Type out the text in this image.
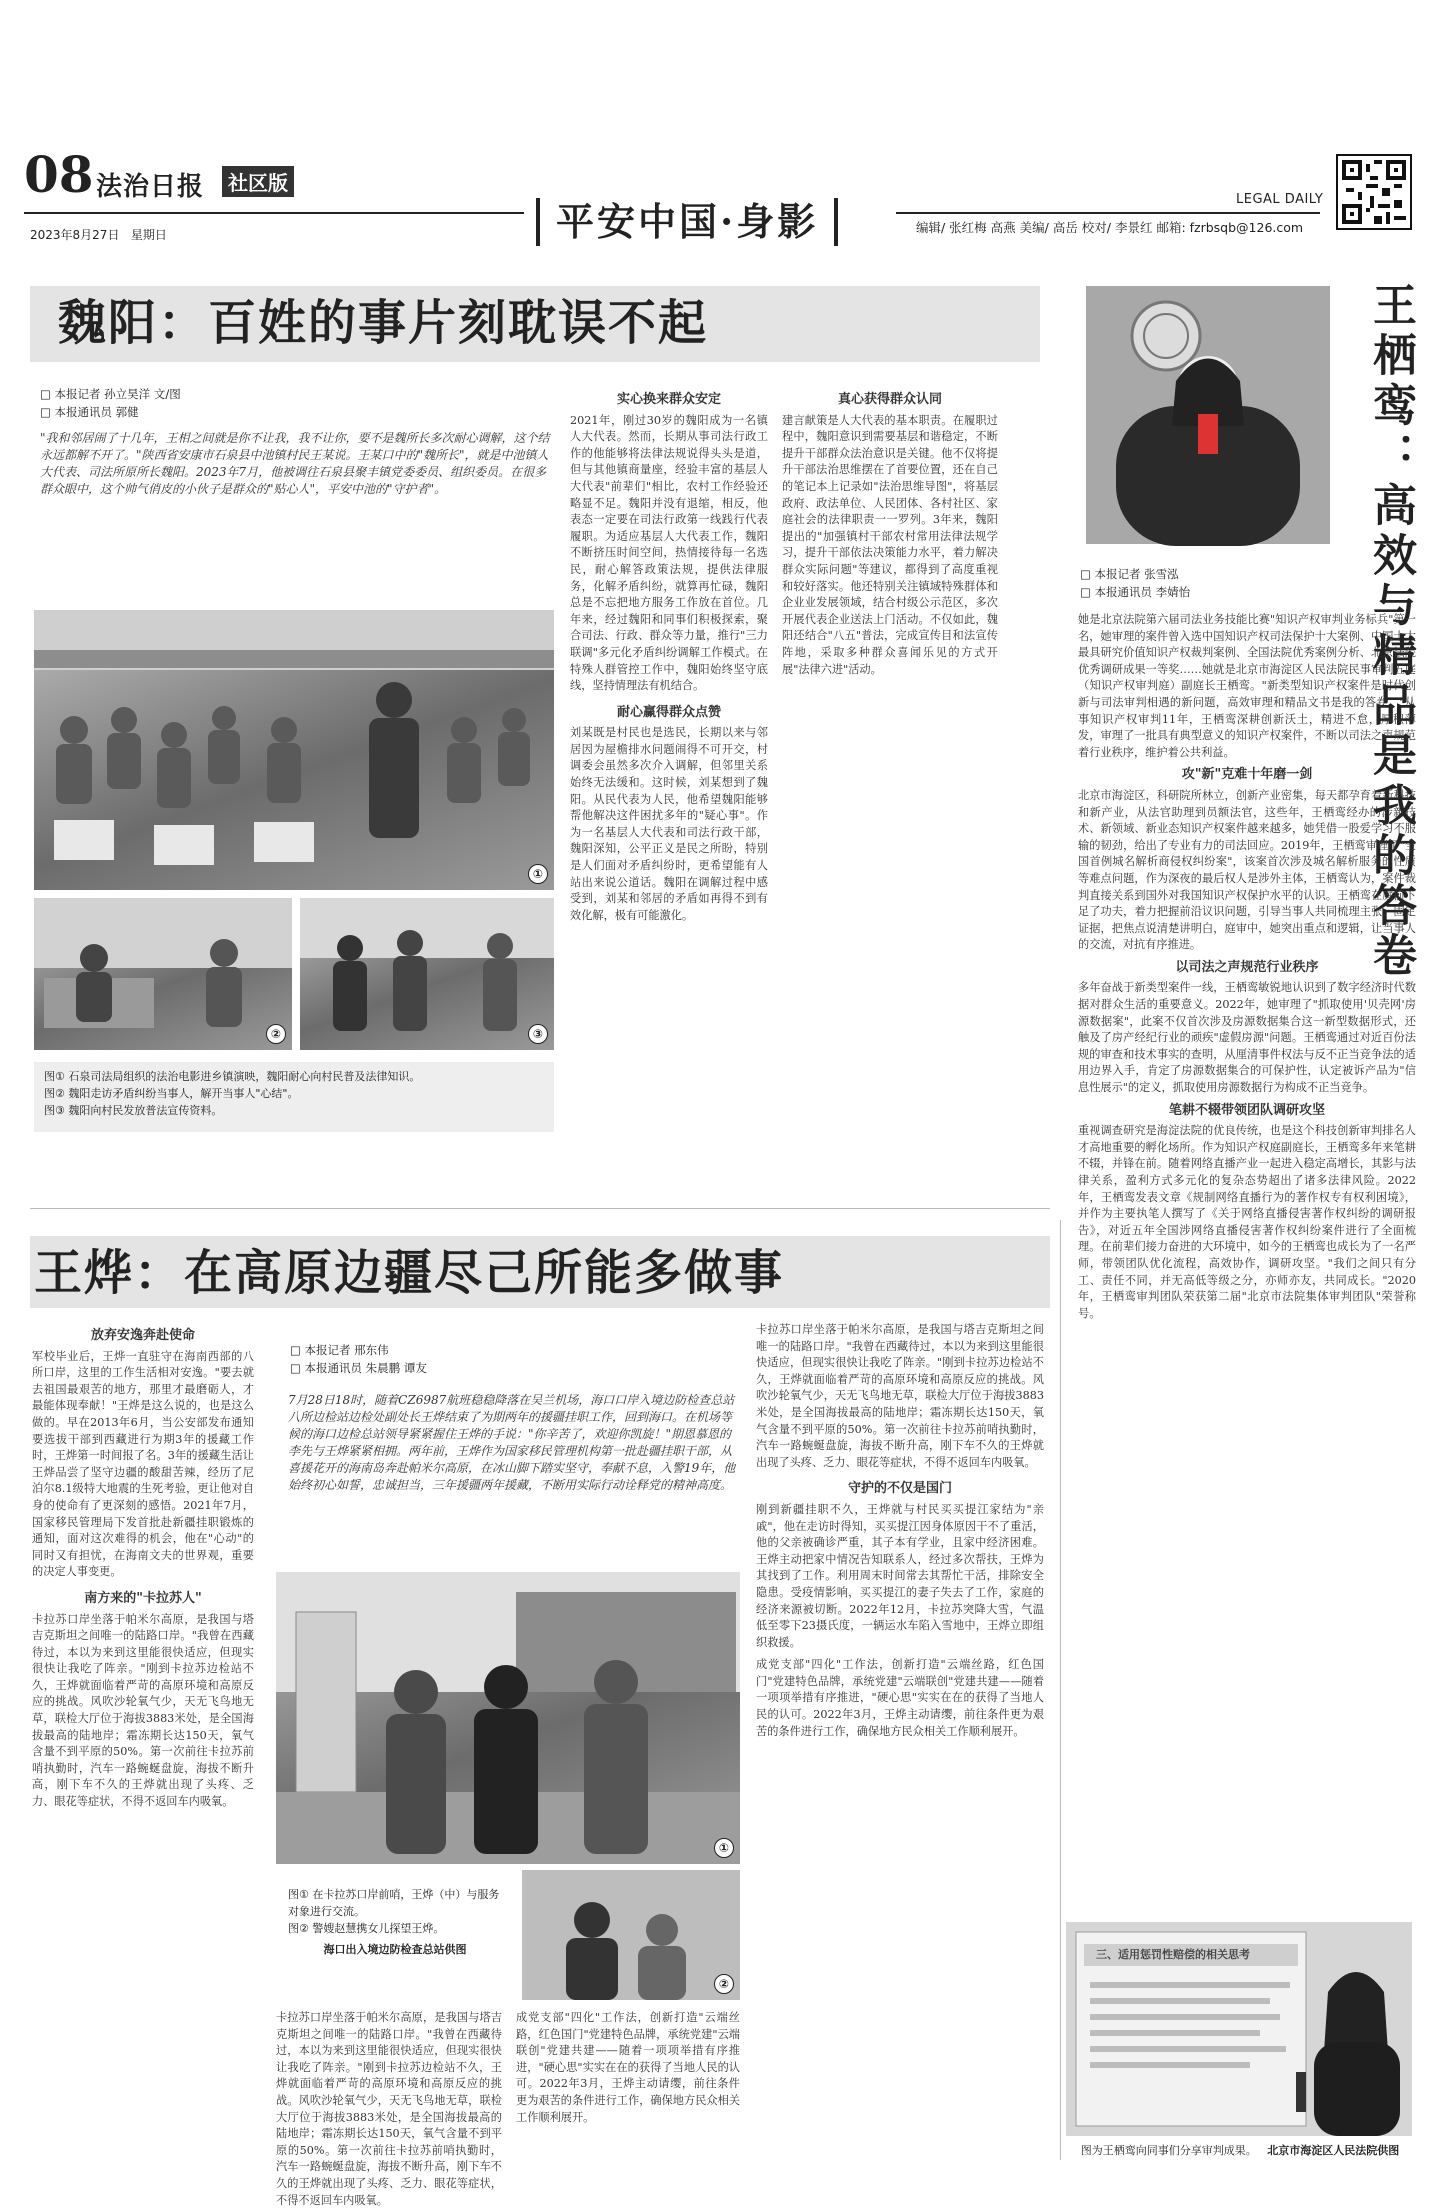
08 法治日报	社区版
2023年8月27日 星期日	平安中国·身影	LEGAL DAILY
编辑/ 张红梅 高燕 美编/ 高岳 校对/ 李景红 邮箱: fzrbsqb@126.com
魏阳：百姓的事片刻耽误不起
□ 本报记者 孙立昊洋 文/图
□ 本报通讯员 郭健
"我和邻居闹了十几年，王相之间就是你不让我，我不让你，要不是魏所长多次耐心调解，这个结永远都解不开了。"陕西省安康市石泉县中池镇村民王某说。王某口中的"魏所长"，就是中池镇人大代表、司法所原所长魏阳。2023年7月，他被调往石泉县聚丰镇党委委员、组织委员。在很多群众眼中，这个帅气俏皮的小伙子是群众的"贴心人"，平安中池的"守护者"。
①
②	③
图① 石泉司法局组织的法治电影进乡镇演映，魏阳耐心向村民普及法律知识。
图② 魏阳走访矛盾纠纷当事人，解开当事人"心结"。
图③ 魏阳向村民发放普法宣传资料。
实心换来群众安定
2021年，刚过30岁的魏阳成为一名镇人大代表。然而，长期从事司法行政工作的他能够将法律法规说得头头是道，但与其他镇商量座，经验丰富的基层人大代表"前辈们"相比，农村工作经验还略显不足。魏阳并没有退缩，相反，他表态一定要在司法行政第一线践行代表履职。为适应基层人大代表工作，魏阳不断挤压时间空间，热情接待每一名选民，耐心解答政策法规，提供法律服务，化解矛盾纠纷，就算再忙碌，魏阳总是不忘把地方服务工作放在首位。几年来，经过魏阳和同事们积极探索，聚合司法、行政、群众等力量，推行"三力联调"多元化矛盾纠纷调解工作模式。在特殊人群管控工作中，魏阳始终坚守底线，坚持情理法有机结合。
耐心赢得群众点赞
刘某既是村民也是选民，长期以来与邻居因为屋檐排水问题闹得不可开交，村调委会虽然多次介入调解，但邻里关系始终无法缓和。这时候，刘某想到了魏阳。从民代表为人民，他希望魏阳能够帮他解决这件困扰多年的"疑心事"。作为一名基层人大代表和司法行政干部，魏阳深知，公平正义是民之所盼，特别是人们面对矛盾纠纷时，更希望能有人站出来说公道话。魏阳在调解过程中感受到，刘某和邻居的矛盾如再得不到有效化解，极有可能激化。
真心获得群众认同
建言献策是人大代表的基本职责。在履职过程中，魏阳意识到需要基层和谐稳定，不断提升干部群众法治意识是关键。他不仅将提升干部法治思维摆在了首要位置，还在自己的笔记本上记录如"法治思维导图"，将基层政府、政法单位、人民团体、各村社区、家庭社会的法律职责一一罗列。3年来，魏阳提出的"加强镇村干部农村常用法律法规学习，提升干部依法决策能力水平，着力解决群众实际问题"等建议，都得到了高度重视和较好落实。他还特别关注镇域特殊群体和企业业发展领域，结合村级公示范区，多次开展代表企业送法上门活动。不仅如此，魏阳还结合"八五"普法，完成宣传目和法宣传阵地，采取多种群众喜闻乐见的方式开展"法律六进"活动。	王栖鸾：高效与精品是我的答卷
□ 本报记者 张雪泓
□ 本报通讯员 李婧怡
她是北京法院第六届司法业务技能比赛"知识产权审判业务标兵"第一名，她审理的案件曾入选中国知识产权司法保护十大案例、中国十大最具研究价值知识产权裁判案例、全国法院优秀案例分析、北京法院优秀调研成果一等奖……她就是北京市海淀区人民法院民事审判五庭（知识产权审判庭）副庭长王栖鸾。"新类型知识产权案件是时代创新与司法审判相遇的新问题，高效审理和精品文书是我的答卷。"从事知识产权审判11年，王栖鸾深耕创新沃土，精进不怠，厚积薄发，审理了一批具有典型意义的知识产权案件，不断以司法之声规范着行业秩序，维护着公共利益。
攻"新"克难十年磨一剑
北京市海淀区，科研院所林立，创新产业密集，每天都孕育着新科技和新产业，从法官助理到员额法官，这些年，王栖鸾经办的涉新技术、新领域、新业态知识产权案件越来越多，她凭借一股爱学习不服输的韧劲，给出了专业有力的司法回应。2019年，王栖鸾审理了"全国首例城名解析商侵权纠纷案"，该案首次涉及城名解析服务的性质等难点问题，作为深夜的最后权人是涉外主体，王栖鸾认为，案件裁判直接关系到国外对我国知识产权保护水平的认识。王栖鸾在庭前下足了功夫，着力把握前沿议识问题，引导当事人共同梳理主张、固定证据，把焦点说清楚讲明白，庭审中，她突出重点和逻辑，让当事人的交流，对抗有序推进。
以司法之声规范行业秩序
多年奋战于新类型案件一线，王栖鸾敏锐地认识到了数字经济时代数据对群众生活的重要意义。2022年，她审理了"抓取使用'贝壳网'房源数据案"，此案不仅首次涉及房源数据集合这一新型数据形式，还触及了房产经纪行业的顽疾"虚假房源"问题。王栖鸾通过对近百份法规的审查和技术事实的查明，从厘清事件权法与反不正当竞争法的适用边界入手，肯定了房源数据集合的可保护性，认定被诉产品为"信息性展示"的定义，抓取使用房源数据行为构成不正当竞争。
笔耕不辍带领团队调研攻坚
重视调查研究是海淀法院的优良传统，也是这个科技创新审判排名人才高地重要的孵化场所。作为知识产权庭副庭长，王栖鸾多年来笔耕不辍，并锋在前。随着网络直播产业一起进入稳定高增长，其影与法律关系，盈利方式多元化的复杂态势超出了诸多法律风险。2022年，王栖鸾发表文章《规制网络直播行为的著作权专有权利困境》，并作为主要执笔人撰写了《关于网络直播侵害著作权纠纷的调研报告》，对近五年全国涉网络直播侵害著作权纠纷案件进行了全面梳理。在前辈们接力奋进的大环境中，如今的王栖鸾也成长为了一名严师，带领团队优化流程，高效协作，调研攻坚。"我们之间只有分工、责任不同，并无高低等级之分，亦师亦友，共同成长。"2020年，王栖鸾审判团队荣获第二届"北京市法院集体审判团队"荣誉称号。
三、适用惩罚性赔偿的相关思考
图为王栖鸾向同事们分享审判成果。 北京市海淀区人民法院供图
王烨：在高原边疆尽己所能多做事
放弃安逸奔赴使命
军校毕业后，王烨一直驻守在海南西部的八所口岸，这里的工作生活相对安逸。"要去就去祖国最艰苦的地方，那里才最磨砺人，才最能体现奉献！"王烨是这么说的，也是这么做的。早在2013年6月，当公安部发布通知要选拔干部到西藏进行为期3年的援藏工作时，王烨第一时间报了名。3年的援藏生活让王烨品尝了坚守边疆的酸甜苦辣，经历了尼泊尔8.1级特大地震的生死考验，更让他对自身的使命有了更深刻的感悟。2021年7月，国家移民管理局下发首批赴新疆挂职锻炼的通知，面对这次难得的机会，他在"心动"的同时又有担忧，在海南文夫的世界观，重要的决定人事变更。
南方来的"卡拉苏人"
卡拉苏口岸坐落于帕米尔高原，是我国与塔吉克斯坦之间唯一的陆路口岸。"我曾在西藏待过，本以为来到这里能很快适应，但现实很快让我吃了阵亲。"刚到卡拉苏边检站不久，王烨就面临着严苛的高原环境和高原反应的挑战。风吹沙轮氧气少，天无飞鸟地无草，联检大厅位于海拔3883米处，是全国海拔最高的陆地岸；霜冻期长达150天，氧气含量不到平原的50%。第一次前往卡拉苏前哨执勤时，汽车一路蜿蜒盘旋，海拔不断升高，刚下车不久的王烨就出现了头疼、乏力、眼花等症状，不得不返回车内吸氧。
□ 本报记者 邢东伟
□ 本报通讯员 朱晨鹏 谭友
7月28日18时，随着CZ6987航班稳稳降落在吴兰机场，海口口岸入境边防检查总站八所边检站边检处副处长王烨结束了为期两年的援疆挂职工作，回到海口。在机场等候的海口边检总站领导紧紧握住王烨的手说："你辛苦了，欢迎你凯旋！"期恩慕恩的李先与王烨紧紧相拥。两年前，王烨作为国家移民管理机构第一批赴疆挂职干部，从喜援花开的海南岛奔赴帕米尔高原，在冰山脚下踏实坚守，奉献不息，入警19年，他始终初心如誓，忠诚担当，三年援疆两年援藏，不断用实际行动诠释党的精神高度。
①
图① 在卡拉苏口岸前哨，王烨（中）与服务对象进行交流。
图② 警嫂赵慧携女儿探望王烨。
海口出入境边防检查总站供图
②
卡拉苏口岸坐落于帕米尔高原，是我国与塔吉克斯坦之间唯一的陆路口岸。"我曾在西藏待过，本以为来到这里能很快适应，但现实很快让我吃了阵亲。"刚到卡拉苏边检站不久，王烨就面临着严苛的高原环境和高原反应的挑战。风吹沙轮氧气少，天无飞鸟地无草，联检大厅位于海拔3883米处，是全国海拔最高的陆地岸；霜冻期长达150天，氧气含量不到平原的50%。第一次前往卡拉苏前哨执勤时，汽车一路蜿蜒盘旋，海拔不断升高，刚下车不久的王烨就出现了头疼、乏力、眼花等症状，不得不返回车内吸氧。
成党支部"四化"工作法，创新打造"云端丝路，红色国门"党建特色品牌，承统党建"云端联创"党建共建——随着一项项举措有序推进，"硬心思"实实在在的获得了当地人民的认可。2022年3月，王烨主动请缨，前往条件更为艰苦的条件进行工作，确保地方民众相关工作顺利展开。
卡拉苏口岸坐落于帕米尔高原，是我国与塔吉克斯坦之间唯一的陆路口岸。"我曾在西藏待过，本以为来到这里能很快适应，但现实很快让我吃了阵亲。"刚到卡拉苏边检站不久，王烨就面临着严苛的高原环境和高原反应的挑战。风吹沙轮氧气少，天无飞鸟地无草，联检大厅位于海拔3883米处，是全国海拔最高的陆地岸；霜冻期长达150天，氧气含量不到平原的50%。第一次前往卡拉苏前哨执勤时，汽车一路蜿蜒盘旋，海拔不断升高，刚下车不久的王烨就出现了头疼、乏力、眼花等症状，不得不返回车内吸氧。
守护的不仅是国门
刚到新疆挂职不久，王烨就与村民买买提江家结为"亲戚"，他在走访时得知，买买提江因身体原因干不了重活，他的父亲被确诊严重，其子本有学业，且家中经济困难。王烨主动把家中情况告知联系人，经过多次帮扶，王烨为其找到了工作。利用周末时间常去其帮忙干活，排除安全隐患。受疫情影响，买买提江的妻子失去了工作，家庭的经济来源被切断。2022年12月，卡拉苏突降大雪，气温低至零下23摄氏度，一辆运水车陷入雪地中，王烨立即组织救援。
成党支部"四化"工作法，创新打造"云端丝路，红色国门"党建特色品牌，承统党建"云端联创"党建共建——随着一项项举措有序推进，"硬心思"实实在在的获得了当地人民的认可。2022年3月，王烨主动请缨，前往条件更为艰苦的条件进行工作，确保地方民众相关工作顺利展开。
